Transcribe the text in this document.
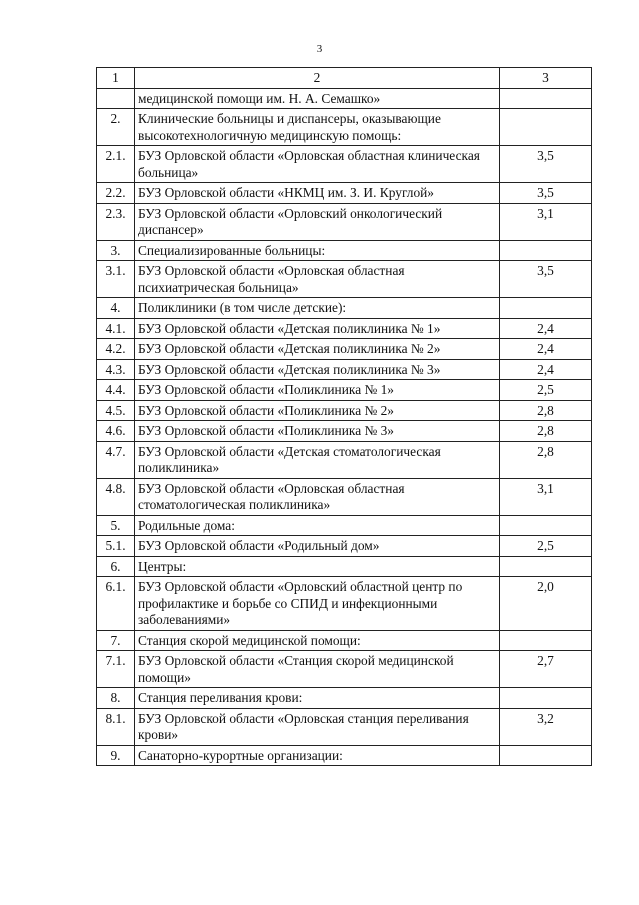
3
1	2	3
	медицинской помощи им. Н. А. Семашко»	
2.	Клинические больницы и диспансеры, оказывающие высокотехнологичную медицинскую помощь:	
2.1.	БУЗ Орловской области «Орловская областная клиническая больница»	3,5
2.2.	БУЗ Орловской области «НКМЦ им. З. И. Круглой»	3,5
2.3.	БУЗ Орловской области «Орловский онкологический диспансер»	3,1
3.	Специализированные больницы:	
3.1.	БУЗ Орловской области «Орловская областная психиатрическая больница»	3,5
4.	Поликлиники (в том числе детские):	
4.1.	БУЗ Орловской области «Детская поликлиника № 1»	2,4
4.2.	БУЗ Орловской области «Детская поликлиника № 2»	2,4
4.3.	БУЗ Орловской области «Детская поликлиника № 3»	2,4
4.4.	БУЗ Орловской области «Поликлиника № 1»	2,5
4.5.	БУЗ Орловской области «Поликлиника № 2»	2,8
4.6.	БУЗ Орловской области «Поликлиника № 3»	2,8
4.7.	БУЗ Орловской области «Детская стоматологическая поликлиника»	2,8
4.8.	БУЗ Орловской области «Орловская областная стоматологическая поликлиника»	3,1
5.	Родильные дома:	
5.1.	БУЗ Орловской области «Родильный дом»	2,5
6.	Центры:	
6.1.	БУЗ Орловской области «Орловский областной центр по профилактике и борьбе со СПИД и инфекционными заболеваниями»	2,0
7.	Станция скорой медицинской помощи:	
7.1.	БУЗ Орловской области «Станция скорой медицинской помощи»	2,7
8.	Станция переливания крови:	
8.1.	БУЗ Орловской области «Орловская станция переливания крови»	3,2
9.	Санаторно-курортные организации:	
